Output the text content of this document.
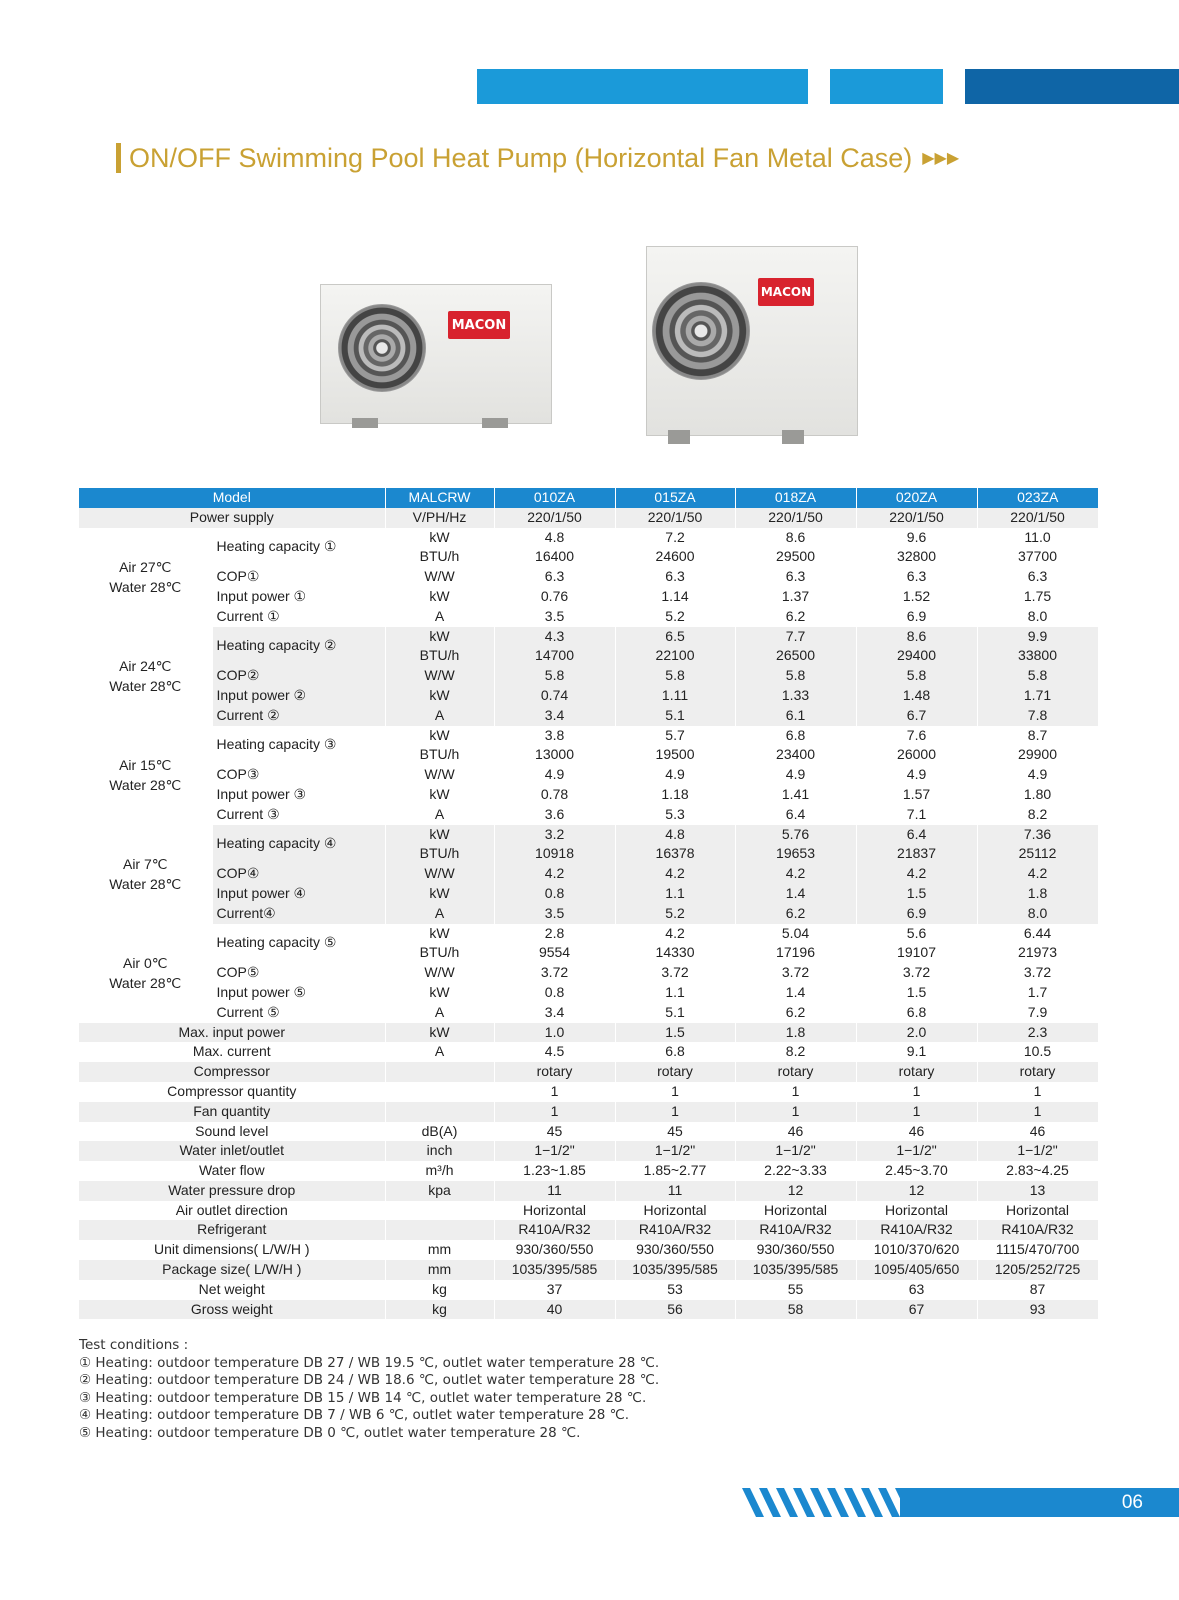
ON/OFF Swimming Pool Heat Pump (Horizontal Fan Metal Case) ▶▶▶
MACON
MACON
Model		MALCRW	010ZA	015ZA	018ZA	020ZA	023ZA
Power supply		V/PH/Hz	220/1/50	220/1/50	220/1/50	220/1/50	220/1/50

Air 27℃
Water 28℃	Heating capacity ①	kW	4.8	7.2	8.6	9.6	11.0
		BTU/h	16400	24600	29500	32800	37700
	COP①	W/W	6.3	6.3	6.3	6.3	6.3
	Input power ①	kW	0.76	1.14	1.37	1.52	1.75
	Current ①	A	3.5	5.2	6.2	6.9	8.0

Air 24℃
Water 28℃	Heating capacity ②	kW	4.3	6.5	7.7	8.6	9.9
		BTU/h	14700	22100	26500	29400	33800
	COP②	W/W	5.8	5.8	5.8	5.8	5.8
	Input power ②	kW	0.74	1.11	1.33	1.48	1.71
	Current ②	A	3.4	5.1	6.1	6.7	7.8

Air 15℃
Water 28℃	Heating capacity ③	kW	3.8	5.7	6.8	7.6	8.7
		BTU/h	13000	19500	23400	26000	29900
	COP③	W/W	4.9	4.9	4.9	4.9	4.9
	Input power ③	kW	0.78	1.18	1.41	1.57	1.80
	Current ③	A	3.6	5.3	6.4	7.1	8.2

Air 7℃
Water 28℃	Heating capacity ④	kW	3.2	4.8	5.76	6.4	7.36
		BTU/h	10918	16378	19653	21837	25112
	COP④	W/W	4.2	4.2	4.2	4.2	4.2
	Input power ④	kW	0.8	1.1	1.4	1.5	1.8
	Current④	A	3.5	5.2	6.2	6.9	8.0

Air 0℃
Water 28℃	Heating capacity ⑤	kW	2.8	4.2	5.04	5.6	6.44
		BTU/h	9554	14330	17196	19107	21973
	COP⑤	W/W	3.72	3.72	3.72	3.72	3.72
	Input power ⑤	kW	0.8	1.1	1.4	1.5	1.7
	Current ⑤	A	3.4	5.1	6.2	6.8	7.9
Max. input power		kW	1.0	1.5	1.8	2.0	2.3
Max. current		A	4.5	6.8	8.2	9.1	10.5
Compressor			rotary	rotary	rotary	rotary	rotary
Compressor quantity			1	1	1	1	1
Fan quantity			1	1	1	1	1
Sound level		dB(A)	45	45	46	46	46
Water inlet/outlet		inch	1−1/2"	1−1/2"	1−1/2"	1−1/2"	1−1/2"
Water flow		m³/h	1.23~1.85	1.85~2.77	2.22~3.33	2.45~3.70	2.83~4.25
Water pressure drop		kpa	11	11	12	12	13
Air outlet direction			Horizontal	Horizontal	Horizontal	Horizontal	Horizontal
Refrigerant			R410A/R32	R410A/R32	R410A/R32	R410A/R32	R410A/R32
Unit dimensions( L/W/H )		mm	930/360/550	930/360/550	930/360/550	1010/370/620	1115/470/700
Package size( L/W/H )		mm	1035/395/585	1035/395/585	1035/395/585	1095/405/650	1205/252/725
Net weight		kg	37	53	55	63	87
Gross weight		kg	40	56	58	67	93
Test conditions :
① Heating: outdoor temperature DB 27 / WB 19.5 ℃, outlet water temperature 28 ℃.
② Heating: outdoor temperature DB 24 / WB 18.6 ℃, outlet water temperature 28 ℃.
③ Heating: outdoor temperature DB 15 / WB 14 ℃, outlet water temperature 28 ℃.
④ Heating: outdoor temperature DB 7 / WB 6 ℃, outlet water temperature 28 ℃.
⑤ Heating: outdoor temperature DB 0 ℃, outlet water temperature 28 ℃.
06
